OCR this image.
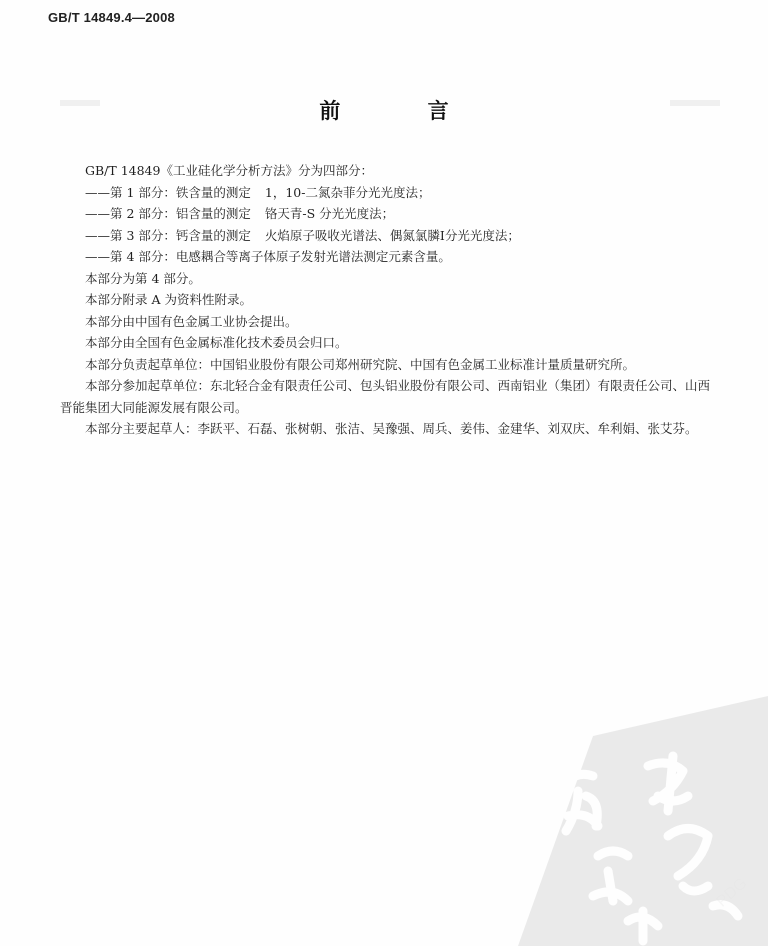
GB/T 14849.4—2008
前 言

GB/T 14849《工业硅化学分析方法》分为四部分：

——第 1 部分：铁含量的测定 1，10-二氮杂菲分光光度法；

——第 2 部分：铝含量的测定 铬天青-S 分光光度法；

——第 3 部分：钙含量的测定 火焰原子吸收光谱法、偶氮氯膦Ⅰ分光光度法；

——第 4 部分：电感耦合等离子体原子发射光谱法测定元素含量。

本部分为第 4 部分。

本部分附录 A 为资料性附录。

本部分由中国有色金属工业协会提出。

本部分由全国有色金属标准化技术委员会归口。

本部分负责起草单位：中国铝业股份有限公司郑州研究院、中国有色金属工业标准计量质量研究所。

本部分参加起草单位：东北轻合金有限责任公司、包头铝业股份有限公司、西南铝业（集团）有限责任公司、山西晋能集团大同能源发展有限公司。

本部分主要起草人：李跃平、石磊、张树朝、张洁、吴豫强、周兵、姜伟、金建华、刘双庆、牟利娟、张艾芬。
